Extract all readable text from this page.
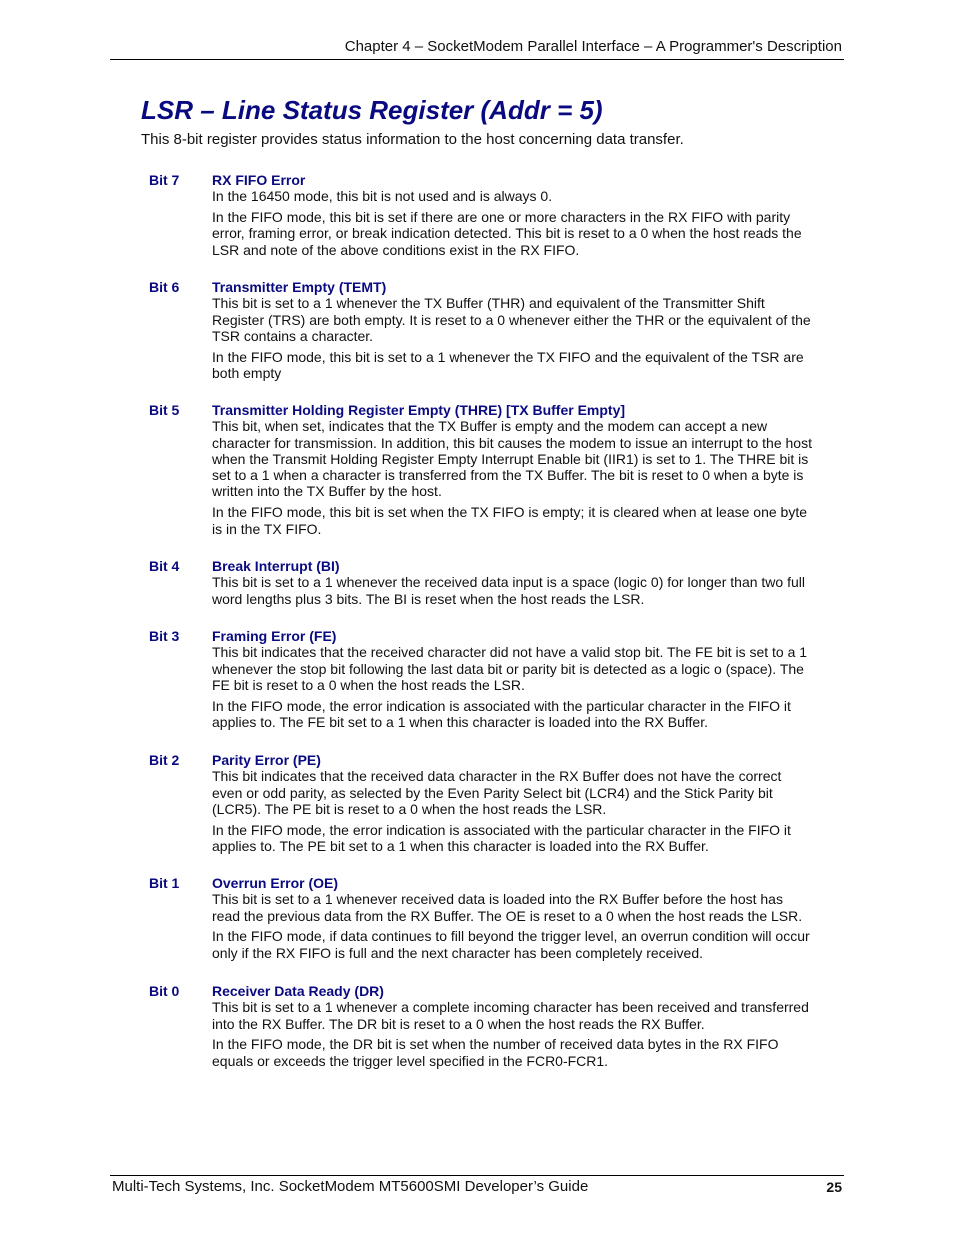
Chapter 4 – SocketModem Parallel Interface – A Programmer's Description
LSR – Line Status Register (Addr = 5)
This 8-bit register provides status information to the host concerning data transfer.
Bit 7 RX FIFO Error

In the 16450 mode, this bit is not used and is always 0.

In the FIFO mode, this bit is set if there are one or more characters in the RX FIFO with parity
error, framing error, or break indication detected. This bit is reset to a 0 when the host reads the
LSR and note of the above conditions exist in the RX FIFO.

Bit 6 Transmitter Empty (TEMT)

This bit is set to a 1 whenever the TX Buffer (THR) and equivalent of the Transmitter Shift
Register (TRS) are both empty. It is reset to a 0 whenever either the THR or the equivalent of the
TSR contains a character.

In the FIFO mode, this bit is set to a 1 whenever the TX FIFO and the equivalent of the TSR are
both empty

Bit 5 Transmitter Holding Register Empty (THRE) [TX Buffer Empty]

This bit, when set, indicates that the TX Buffer is empty and the modem can accept a new
character for transmission. In addition, this bit causes the modem to issue an interrupt to the host
when the Transmit Holding Register Empty Interrupt Enable bit (IIR1) is set to 1. The THRE bit is
set to a 1 when a character is transferred from the TX Buffer. The bit is reset to 0 when a byte is
written into the TX Buffer by the host.

In the FIFO mode, this bit is set when the TX FIFO is empty; it is cleared when at lease one byte
is in the TX FIFO.

Bit 4 Break Interrupt (BI)

This bit is set to a 1 whenever the received data input is a space (logic 0) for longer than two full
word lengths plus 3 bits. The BI is reset when the host reads the LSR.

Bit 3 Framing Error (FE)

This bit indicates that the received character did not have a valid stop bit. The FE bit is set to a 1
whenever the stop bit following the last data bit or parity bit is detected as a logic o (space). The
FE bit is reset to a 0 when the host reads the LSR.

In the FIFO mode, the error indication is associated with the particular character in the FIFO it
applies to. The FE bit set to a 1 when this character is loaded into the RX Buffer.

Bit 2 Parity Error (PE)

This bit indicates that the received data character in the RX Buffer does not have the correct
even or odd parity, as selected by the Even Parity Select bit (LCR4) and the Stick Parity bit
(LCR5). The PE bit is reset to a 0 when the host reads the LSR.

In the FIFO mode, the error indication is associated with the particular character in the FIFO it
applies to. The PE bit set to a 1 when this character is loaded into the RX Buffer.

Bit 1 Overrun Error (OE)

This bit is set to a 1 whenever received data is loaded into the RX Buffer before the host has
read the previous data from the RX Buffer. The OE is reset to a 0 when the host reads the LSR.

In the FIFO mode, if data continues to fill beyond the trigger level, an overrun condition will occur
only if the RX FIFO is full and the next character has been completely received.

Bit 0 Receiver Data Ready (DR)

This bit is set to a 1 whenever a complete incoming character has been received and transferred
into the RX Buffer. The DR bit is reset to a 0 when the host reads the RX Buffer.

In the FIFO mode, the DR bit is set when the number of received data bytes in the RX FIFO
equals or exceeds the trigger level specified in the FCR0-FCR1.

Multi-Tech Systems, Inc. SocketModem MT5600SMI Developer’s Guide	25
